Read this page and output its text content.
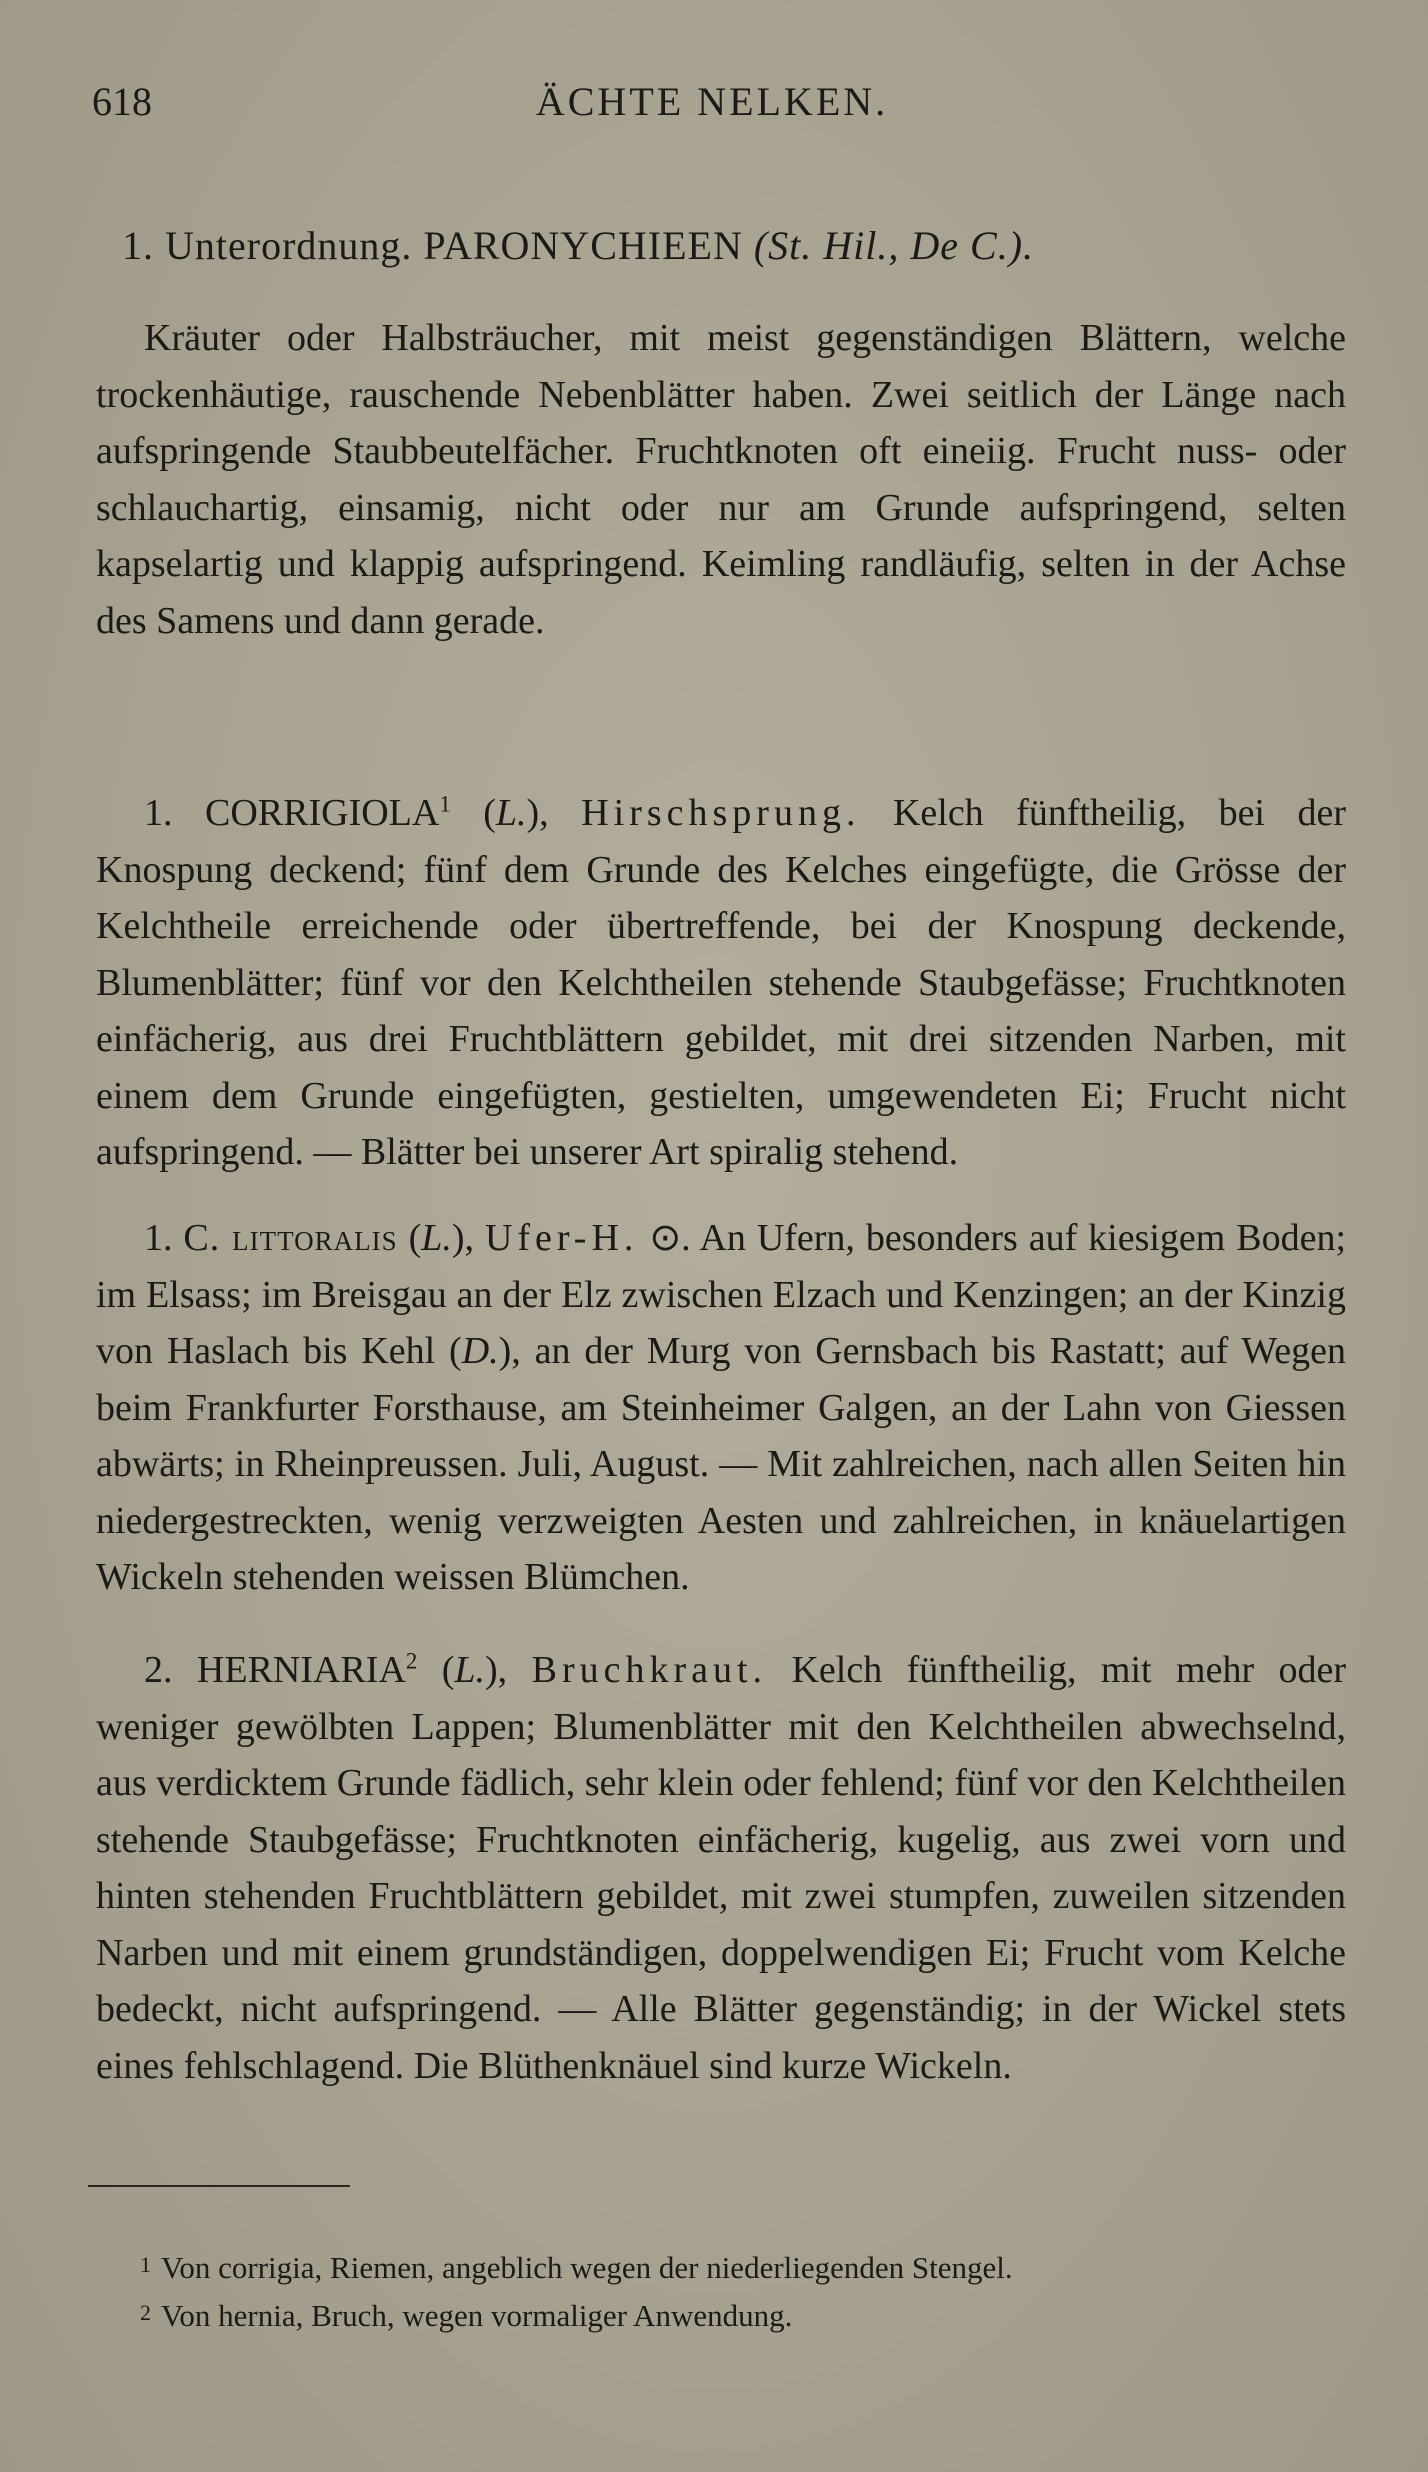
618	ÄCHTE NELKEN.
1. Unterordnung. PARONYCHIEEN (St. Hil., De C.).

Kräuter oder Halbsträucher, mit meist gegenständigen Blättern, welche trockenhäutige, rauschende Nebenblätter haben. Zwei seitlich der Länge nach aufspringende Staubbeutelfächer. Fruchtknoten oft eineiig. Frucht nuss- oder schlauchartig, einsamig, nicht oder nur am Grunde aufspringend, selten kapselartig und klappig aufspringend. Keimling randläufig, selten in der Achse des Samens und dann gerade.

1. CORRIGIOLA$^1$ (L.), Hirschsprung. Kelch fünftheilig, bei der Knospung deckend; fünf dem Grunde des Kelches eingefügte, die Grösse der Kelchtheile erreichende oder übertreffende, bei der Knospung deckende, Blumenblätter; fünf vor den Kelchtheilen stehende Staubgefässe; Fruchtknoten einfächerig, aus drei Fruchtblättern gebildet, mit drei sitzenden Narben, mit einem dem Grunde eingefügten, gestielten, umgewendeten Ei; Frucht nicht aufspringend. — Blätter bei unserer Art spiralig stehend.

1. C. littoralis (L.), Ufer-H. ⊙. An Ufern, besonders auf kiesigem Boden; im Elsass; im Breisgau an der Elz zwischen Elzach und Kenzingen; an der Kinzig von Haslach bis Kehl (D.), an der Murg von Gernsbach bis Rastatt; auf Wegen beim Frankfurter Forsthause, am Steinheimer Galgen, an der Lahn von Giessen abwärts; in Rheinpreussen. Juli, August. — Mit zahlreichen, nach allen Seiten hin niedergestreckten, wenig verzweigten Aesten und zahlreichen, in knäuelartigen Wickeln stehenden weissen Blümchen.

2. HERNIARIA$^2$ (L.), Bruchkraut. Kelch fünftheilig, mit mehr oder weniger gewölbten Lappen; Blumenblätter mit den Kelchtheilen abwechselnd, aus verdicktem Grunde fädlich, sehr klein oder fehlend; fünf vor den Kelchtheilen stehende Staubgefässe; Fruchtknoten einfächerig, kugelig, aus zwei vorn und hinten stehenden Fruchtblättern gebildet, mit zwei stumpfen, zuweilen sitzenden Narben und mit einem grundständigen, doppelwendigen Ei; Frucht vom Kelche bedeckt, nicht aufspringend. — Alle Blätter gegenständig; in der Wickel stets eines fehlschlagend. Die Blüthenknäuel sind kurze Wickeln.

1 Von corrigia, Riemen, angeblich wegen der niederliegenden Stengel.

2 Von hernia, Bruch, wegen vormaliger Anwendung.
